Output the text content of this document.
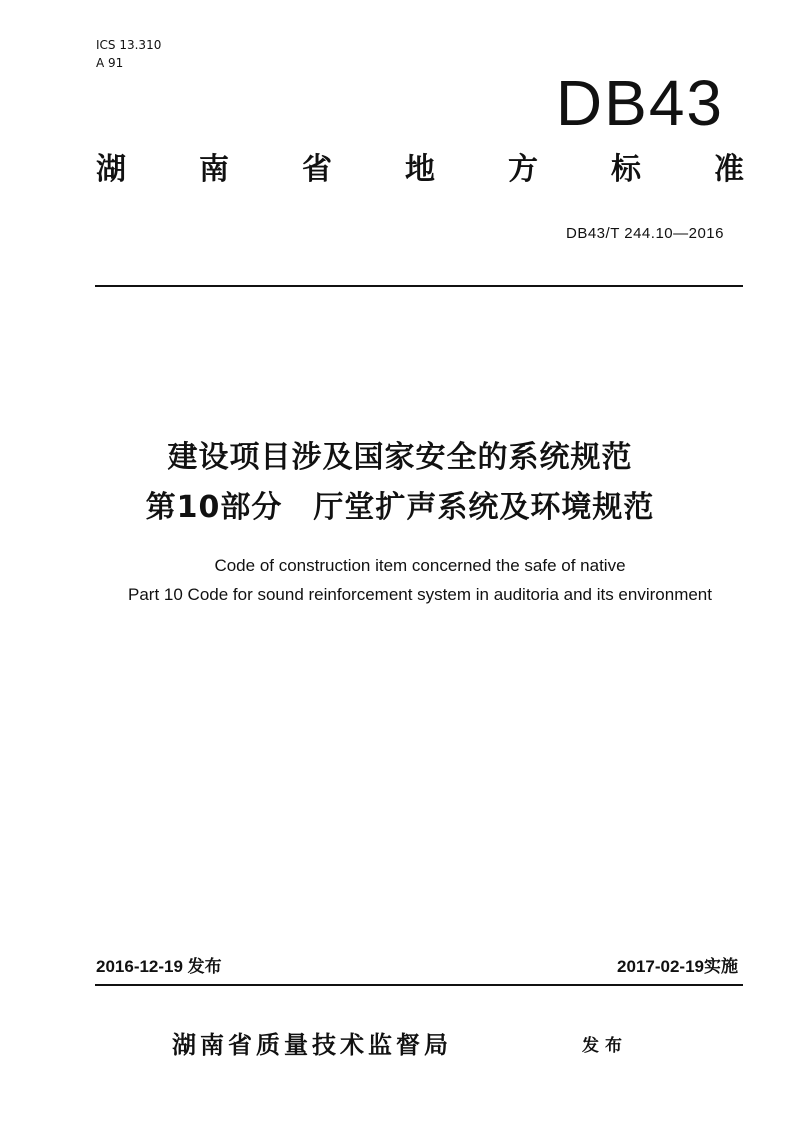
ICS 13.310
A 91
DB43
湖 南 省 地 方 标 准
DB43/T 244.10—2016
建设项目涉及国家安全的系统规范
第10部分　厅堂扩声系统及环境规范
Code of construction item concerned the safe of native
Part 10 Code for sound reinforcement system in auditoria and its environment
2016-12-19 发布	2017-02-19实施
湖南省质量技术监督局	发布
